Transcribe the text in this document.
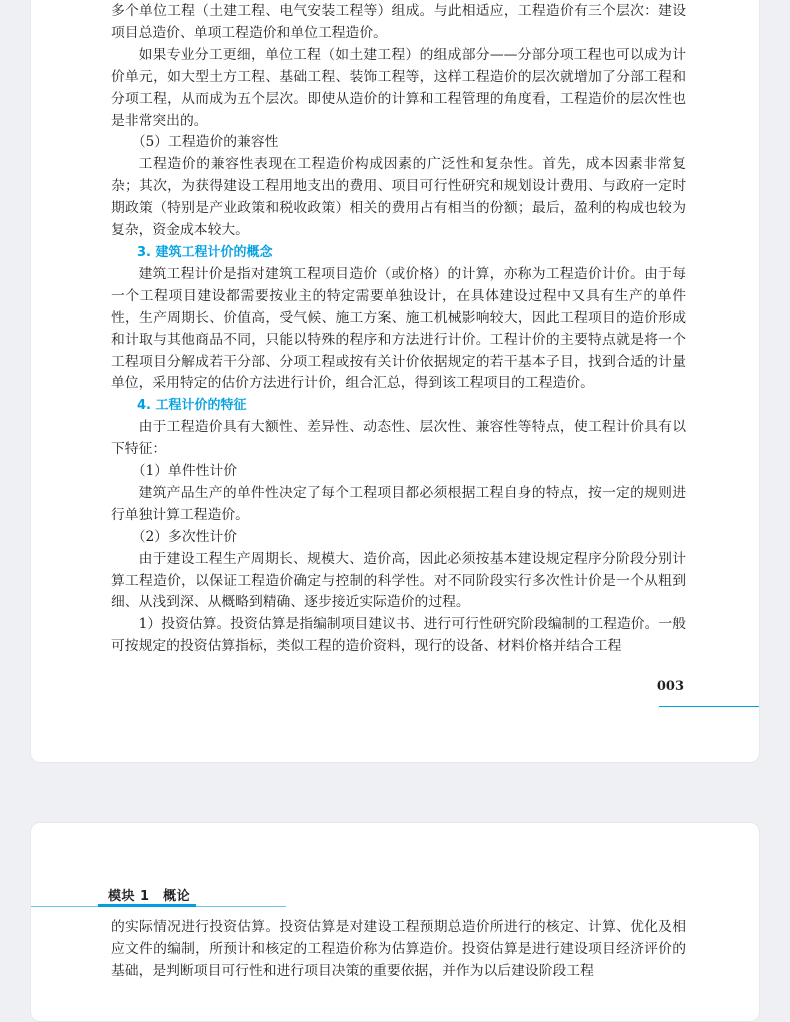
多个单位工程（土建工程、电气安装工程等）组成。与此相适应，工程造价有三个层次：建设项目总造价、单项工程造价和单位工程造价。

如果专业分工更细，单位工程（如土建工程）的组成部分——分部分项工程也可以成为计价单元，如大型土方工程、基础工程、装饰工程等，这样工程造价的层次就增加了分部工程和分项工程，从而成为五个层次。即使从造价的计算和工程管理的角度看，工程造价的层次性也是非常突出的。

（5）工程造价的兼容性

工程造价的兼容性表现在工程造价构成因素的广泛性和复杂性。首先，成本因素非常复杂；其次，为获得建设工程用地支出的费用、项目可行性研究和规划设计费用、与政府一定时期政策（特别是产业政策和税收政策）相关的费用占有相当的份额；最后，盈利的构成也较为复杂，资金成本较大。

3. 建筑工程计价的概念

建筑工程计价是指对建筑工程项目造价（或价格）的计算，亦称为工程造价计价。由于每一个工程项目建设都需要按业主的特定需要单独设计，在具体建设过程中又具有生产的单件性，生产周期长、价值高，受气候、施工方案、施工机械影响较大，因此工程项目的造价形成和计取与其他商品不同，只能以特殊的程序和方法进行计价。工程计价的主要特点就是将一个工程项目分解成若干分部、分项工程或按有关计价依据规定的若干基本子目，找到合适的计量单位，采用特定的估价方法进行计价，组合汇总，得到该工程项目的工程造价。

4. 工程计价的特征

由于工程造价具有大额性、差异性、动态性、层次性、兼容性等特点，使工程计价具有以下特征：

（1）单件性计价

建筑产品生产的单件性决定了每个工程项目都必须根据工程自身的特点，按一定的规则进行单独计算工程造价。

（2）多次性计价

由于建设工程生产周期长、规模大、造价高，因此必须按基本建设规定程序分阶段分别计算工程造价，以保证工程造价确定与控制的科学性。对不同阶段实行多次性计价是一个从粗到细、从浅到深、从概略到精确、逐步接近实际造价的过程。

1）投资估算。投资估算是指编制项目建议书、进行可行性研究阶段编制的工程造价。一般可按规定的投资估算指标，类似工程的造价资料，现行的设备、材料价格并结合工程

003
模块 1　概论

的实际情况进行投资估算。投资估算是对建设工程预期总造价所进行的核定、计算、优化及相应文件的编制，所预计和核定的工程造价称为估算造价。投资估算是进行建设项目经济评价的基础，是判断项目可行性和进行项目决策的重要依据，并作为以后建设阶段工程
